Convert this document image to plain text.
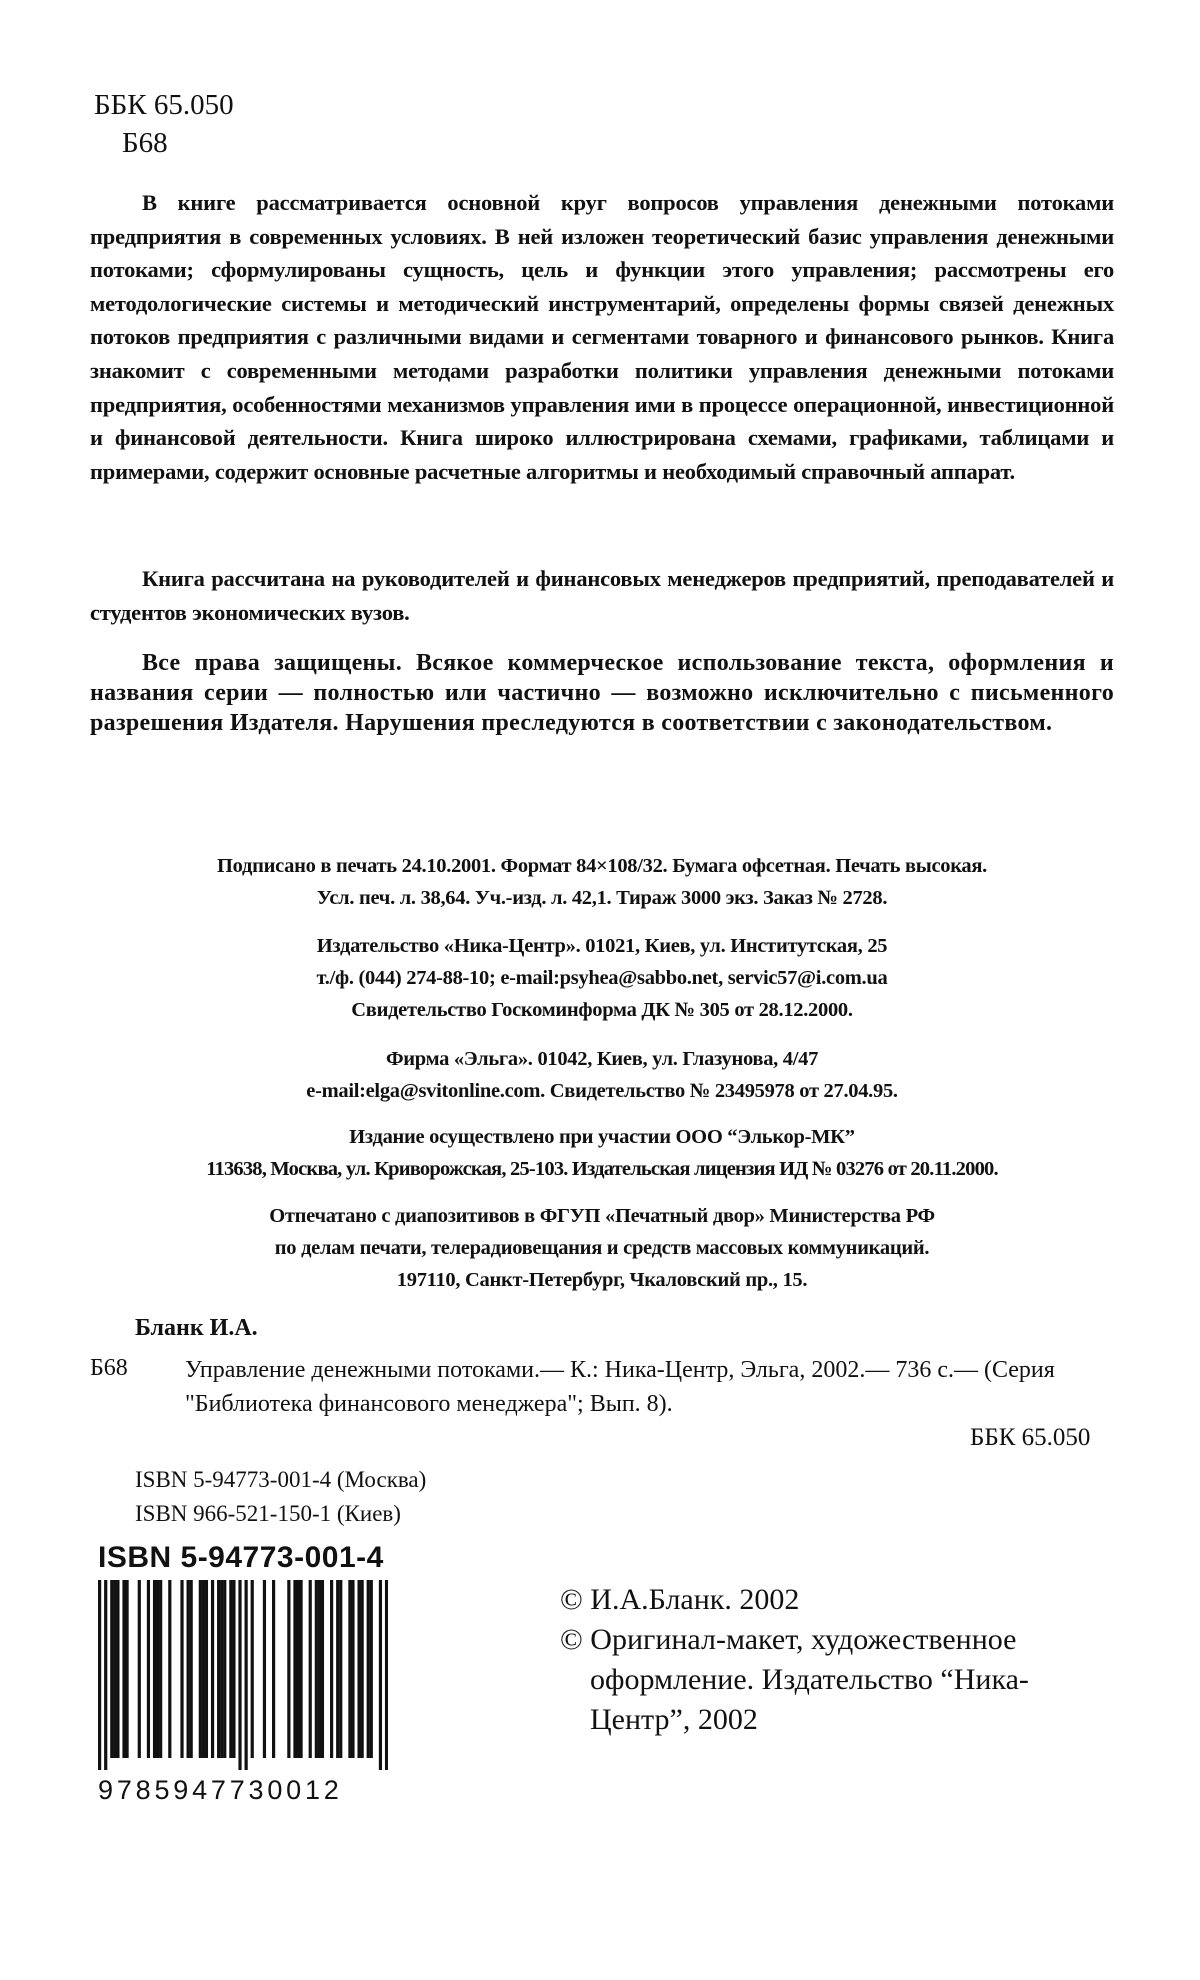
ББК 65.050
Б68

В книге рассматривается основной круг вопросов управления денежными потоками предприятия в современных условиях. В ней изложен теоретический базис управления денежными потоками; сформулированы сущность, цель и функции этого управления; рассмотрены его методологические системы и методический инструментарий, определены формы связей денежных потоков предприятия с различными видами и сегментами товарного и финансового рынков. Книга знакомит с современными методами разработки политики управления денежными потоками предприятия, особенностями механизмов управления ими в процессе операционной, инвестиционной и финансовой деятельности. Книга широко иллюстрирована схемами, графиками, таблицами и примерами, содержит основные расчетные алгоритмы и необходимый справочный аппарат.

Книга рассчитана на руководителей и финансовых менеджеров предприятий, преподавателей и студентов экономических вузов.

Все права защищены. Всякое коммерческое использование текста, оформления и названия серии — полностью или частично — возможно исключительно с письменного разрешения Издателя. Нарушения преследуются в соответствии с законодательством.

Подписано в печать 24.10.2001. Формат 84×108/32. Бумага офсетная. Печать высокая.
Усл. печ. л. 38,64. Уч.-изд. л. 42,1. Тираж 3000 экз. Заказ № 2728.
Издательство «Ника-Центр». 01021, Киев, ул. Институтская, 25
т./ф. (044) 274-88-10; e-mail:psyhea@sabbo.net, servic57@i.com.ua
Свидетельство Госкоминформа ДК № 305 от 28.12.2000.
Фирма «Эльга». 01042, Киев, ул. Глазунова, 4/47
e-mail:elga@svitonline.com. Свидетельство № 23495978 от 27.04.95.
Издание осуществлено при участии ООО “Элькор-МК”
113638, Москва, ул. Криворожская, 25-103. Издательская лицензия ИД № 03276 от 20.11.2000.
Отпечатано с диапозитивов в ФГУП «Печатный двор» Министерства РФ
по делам печати, телерадиовещания и средств массовых коммуникаций.
197110, Санкт-Петербург, Чкаловский пр., 15.
Бланк И.А.
Б68 Управление денежными потоками.— К.: Ника-Центр, Эльга, 2002.— 736 с.— (Серия "Библиотека финансового менеджера"; Вып. 8).
ББК 65.050
ISBN 5-94773-001-4 (Москва)
ISBN 966-521-150-1 (Киев)
ISBN 5-94773-001-4
9785947730012
© И.А.Бланк. 2002
© Оригинал-макет, художественное
оформление. Издательство “Ника-
Центр”, 2002
